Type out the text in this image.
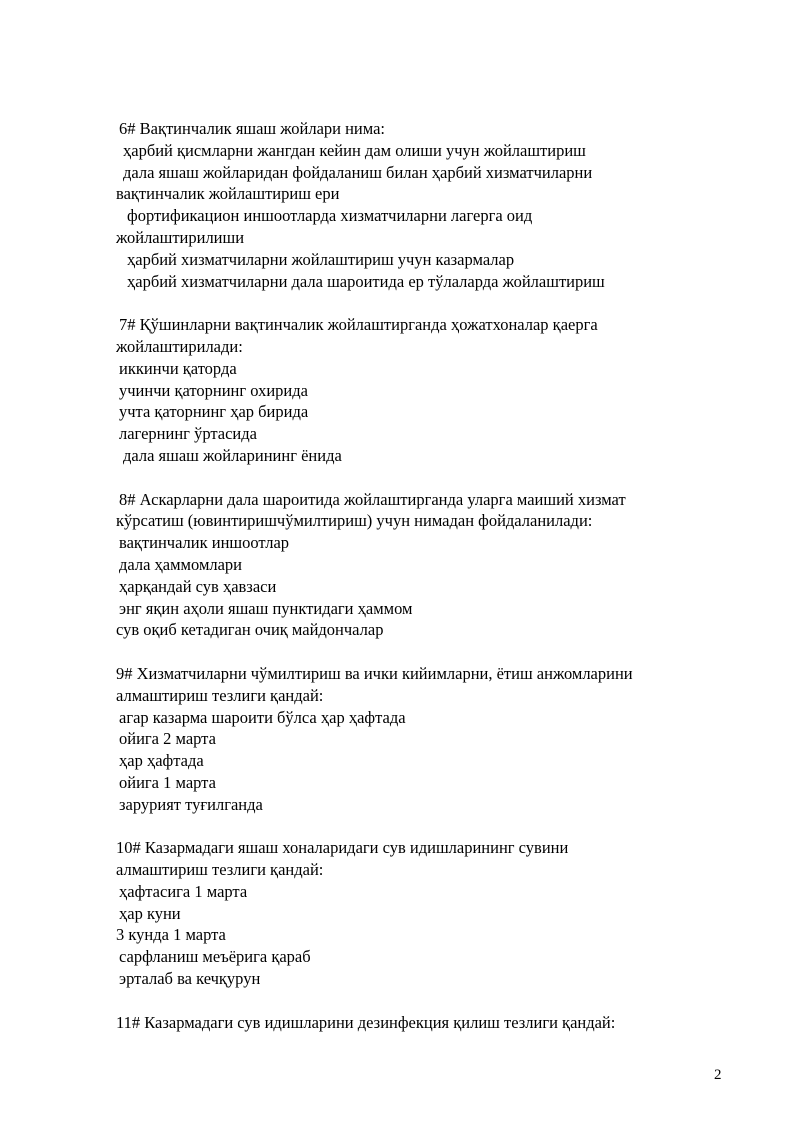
6# Вақтинчалик яшаш жойлари нима:
ҳарбий қисмларни жангдан кейин дам олиши учун жойлаштириш
дала яшаш жойларидан фойдаланиш билан ҳарбий хизматчиларни
вақтинчалик жойлаштириш ери
фортификацион иншоотларда хизматчиларни лагерга оид
жойлаштирилиши
ҳарбий хизматчиларни жойлаштириш учун казармалар
ҳарбий хизматчиларни дала шароитида ер тўлаларда жойлаштириш
7# Қўшинларни вақтинчалик жойлаштирганда ҳожатхоналар қаерга
жойлаштирилади:
иккинчи қаторда
учинчи қаторнинг охирида
учта қаторнинг ҳар бирида
лагернинг ўртасида
дала яшаш жойларининг ёнида
8# Аскарларни дала шароитида жойлаштирганда уларга маиший хизмат
кўрсатиш (ювинтиришчўмилтириш) учун нимадан фойдаланилади:
вақтинчалик иншоотлар
дала ҳаммомлари
ҳарқандай сув ҳавзаси
энг яқин аҳоли яшаш пунктидаги ҳаммом
сув оқиб кетадиган очиқ майдончалар
9# Хизматчиларни чўмилтириш ва ички кийимларни, ётиш анжомларини
алмаштириш тезлиги қандай:
агар казарма шароити бўлса ҳар ҳафтада
ойига 2 марта
ҳар ҳафтада
ойига 1 марта
зарурият туғилганда
10# Казармадаги яшаш хоналаридаги сув идишларининг сувини
алмаштириш тезлиги қандай:
ҳафтасига 1 марта
ҳар куни
3 кунда 1 марта
сарфланиш меъёрига қараб
эрталаб ва кечқурун
11# Казармадаги сув идишларини дезинфекция қилиш тезлиги қандай:
2
